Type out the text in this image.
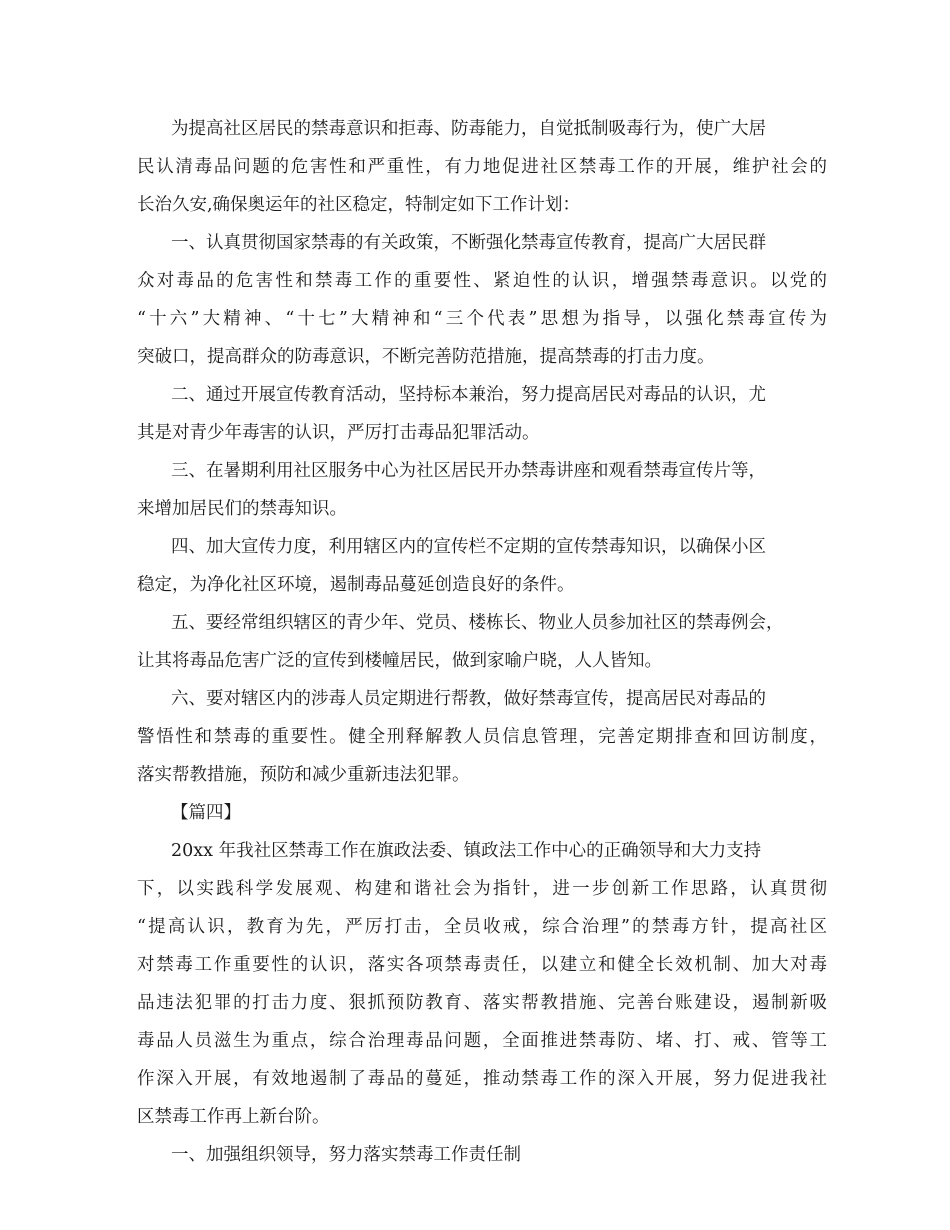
为提高社区居民的禁毒意识和拒毒、防毒能力，自觉抵制吸毒行为，使广大居
民认清毒品问题的危害性和严重性，有力地促进社区禁毒工作的开展，维护社会的
长治久安,确保奥运年的社区稳定，特制定如下工作计划：
一、认真贯彻国家禁毒的有关政策，不断强化禁毒宣传教育，提高广大居民群
众对毒品的危害性和禁毒工作的重要性、紧迫性的认识，增强禁毒意识。以党的
“十六”大精神、“十七”大精神和“三个代表”思想为指导，以强化禁毒宣传为
突破口，提高群众的防毒意识，不断完善防范措施，提高禁毒的打击力度。
二、通过开展宣传教育活动，坚持标本兼治，努力提高居民对毒品的认识，尤
其是对青少年毒害的认识，严厉打击毒品犯罪活动。
三、在暑期利用社区服务中心为社区居民开办禁毒讲座和观看禁毒宣传片等，
来增加居民们的禁毒知识。
四、加大宣传力度，利用辖区内的宣传栏不定期的宣传禁毒知识，以确保小区
稳定，为净化社区环境，遏制毒品蔓延创造良好的条件。
五、要经常组织辖区的青少年、党员、楼栋长、物业人员参加社区的禁毒例会，
让其将毒品危害广泛的宣传到楼幢居民，做到家喻户晓，人人皆知。
六、要对辖区内的涉毒人员定期进行帮教，做好禁毒宣传，提高居民对毒品的
警悟性和禁毒的重要性。健全刑释解教人员信息管理，完善定期排查和回访制度，
落实帮教措施，预防和减少重新违法犯罪。
【篇四】
20xx 年我社区禁毒工作在旗政法委、镇政法工作中心的正确领导和大力支持
下，以实践科学发展观、构建和谐社会为指针，进一步创新工作思路，认真贯彻
“提高认识，教育为先，严厉打击，全员收戒，综合治理”的禁毒方针，提高社区
对禁毒工作重要性的认识，落实各项禁毒责任，以建立和健全长效机制、加大对毒
品违法犯罪的打击力度、狠抓预防教育、落实帮教措施、完善台账建设，遏制新吸
毒品人员滋生为重点，综合治理毒品问题，全面推进禁毒防、堵、打、戒、管等工
作深入开展，有效地遏制了毒品的蔓延，推动禁毒工作的深入开展，努力促进我社
区禁毒工作再上新台阶。
一、加强组织领导，努力落实禁毒工作责任制
